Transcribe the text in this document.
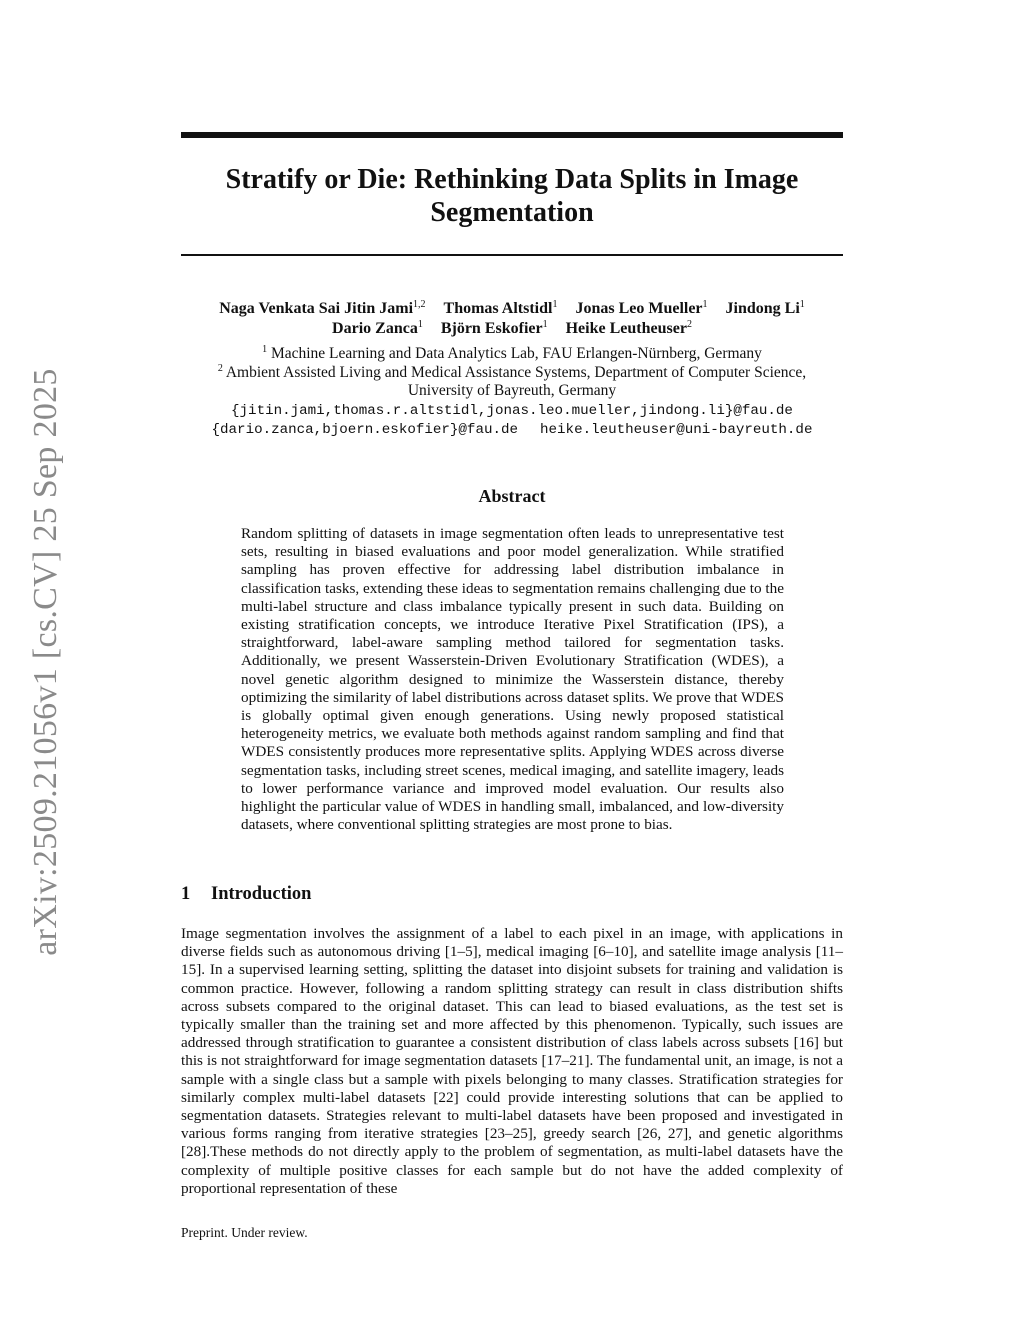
arXiv:2509.21056v1 [cs.CV] 25 Sep 2025
Stratify or Die: Rethinking Data Splits in Image Segmentation
Naga Venkata Sai Jitin Jami$^{1,2}$ Thomas Altstidl$^1$ Jonas Leo Mueller$^1$ Jindong Li$^1$
Dario Zanca$^1$ Björn Eskofier$^1$ Heike Leutheuser$^2$
$^1$ Machine Learning and Data Analytics Lab, FAU Erlangen-Nürnberg, Germany
$^2$ Ambient Assisted Living and Medical Assistance Systems, Department of Computer Science,
University of Bayreuth, Germany
{jitin.jami,thomas.r.altstidl,jonas.leo.mueller,jindong.li}@fau.de
{dario.zanca,bjoern.eskofier}@fau.de heike.leutheuser@uni-bayreuth.de
Abstract

Random splitting of datasets in image segmentation often leads to unrepresentative test sets, resulting in biased evaluations and poor model generalization. While stratified sampling has proven effective for addressing label distribution imbalance in classification tasks, extending these ideas to segmentation remains challenging due to the multi-label structure and class imbalance typically present in such data. Building on existing stratification concepts, we introduce Iterative Pixel Stratification (IPS), a straightforward, label-aware sampling method tailored for segmentation tasks. Additionally, we present Wasserstein-Driven Evolutionary Stratification (WDES), a novel genetic algorithm designed to minimize the Wasserstein distance, thereby optimizing the similarity of label distributions across dataset splits. We prove that WDES is globally optimal given enough generations. Using newly proposed statistical heterogeneity metrics, we evaluate both methods against random sampling and find that WDES consistently produces more representative splits. Applying WDES across diverse segmentation tasks, including street scenes, medical imaging, and satellite imagery, leads to lower performance variance and improved model evaluation. Our results also highlight the particular value of WDES in handling small, imbalanced, and low-diversity datasets, where conventional splitting strategies are most prone to bias.

1 Introduction

Image segmentation involves the assignment of a label to each pixel in an image, with applications in diverse fields such as autonomous driving [1–5], medical imaging [6–10], and satellite image analysis [11–15]. In a supervised learning setting, splitting the dataset into disjoint subsets for training and validation is common practice. However, following a random splitting strategy can result in class distribution shifts across subsets compared to the original dataset. This can lead to biased evaluations, as the test set is typically smaller than the training set and more affected by this phenomenon. Typically, such issues are addressed through stratification to guarantee a consistent distribution of class labels across subsets [16] but this is not straightforward for image segmentation datasets [17–21]. The fundamental unit, an image, is not a sample with a single class but a sample with pixels belonging to many classes. Stratification strategies for similarly complex multi-label datasets [22] could provide interesting solutions that can be applied to segmentation datasets. Strategies relevant to multi-label datasets have been proposed and investigated in various forms ranging from iterative strategies [23–25], greedy search [26, 27], and genetic algorithms [28].These methods do not directly apply to the problem of segmentation, as multi-label datasets have the complexity of multiple positive classes for each sample but do not have the added complexity of proportional representation of these

Preprint. Under review.
